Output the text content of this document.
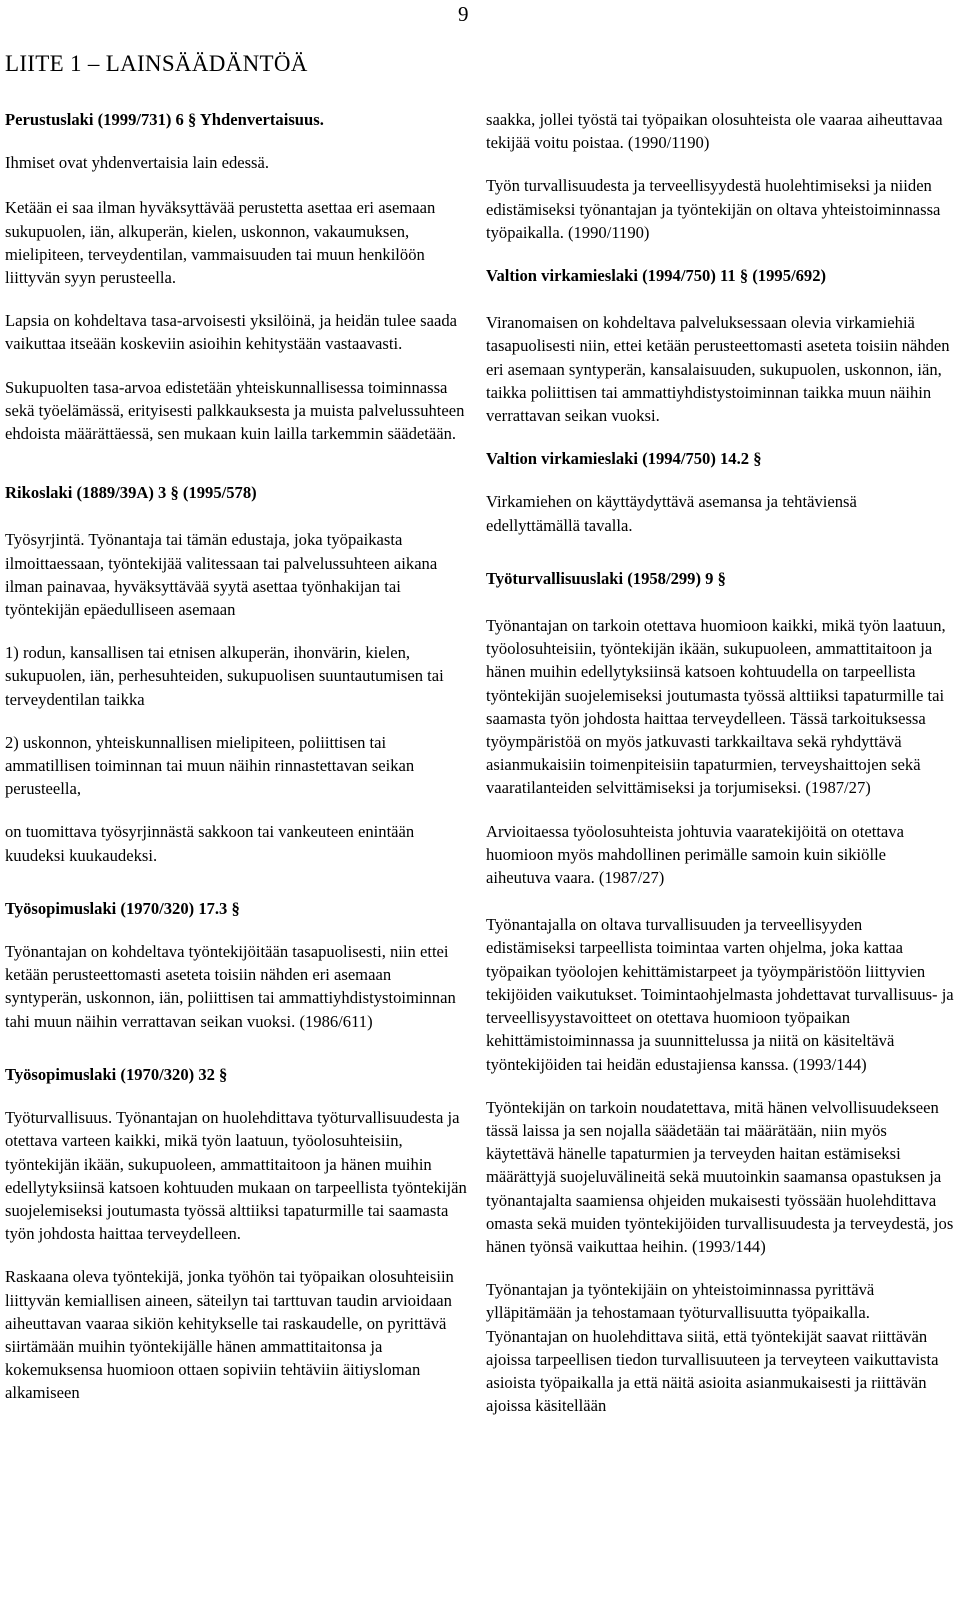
9
LIITE 1 – LAINSÄÄDÄNTÖÄ
Perustuslaki (1999/731) 6 § Yhdenvertaisuus.

Ihmiset ovat yhdenvertaisia lain edessä.

Ketään ei saa ilman hyväksyttävää perustetta asettaa eri asemaan sukupuolen, iän, alkuperän, kielen, uskonnon, vakaumuksen, mielipiteen, terveydentilan, vammaisuuden tai muun henkilöön liittyvän syyn perusteella.

Lapsia on kohdeltava tasa-arvoisesti yksilöinä, ja heidän tulee saada vaikuttaa itseään koskeviin asioihin kehitystään vastaavasti.

Sukupuolten tasa-arvoa edistetään yhteiskunnallisessa toiminnassa sekä työelämässä, erityisesti palkkauksesta ja muista palvelussuhteen ehdoista määrättäessä, sen mukaan kuin lailla tarkemmin säädetään.

Rikoslaki (1889/39A) 3 § (1995/578)

Työsyrjintä. Työnantaja tai tämän edustaja, joka työpaikasta ilmoittaessaan, työntekijää valitessaan tai palvelussuhteen aikana ilman painavaa, hyväksyttävää syytä asettaa työnhakijan tai työntekijän epäedulliseen asemaan

1) rodun, kansallisen tai etnisen alkuperän, ihonvärin, kielen, sukupuolen, iän, perhesuhteiden, sukupuolisen suuntautumisen tai terveydentilan taikka

2) uskonnon, yhteiskunnallisen mielipiteen, poliittisen tai ammatillisen toiminnan tai muun näihin rinnastettavan seikan perusteella,

on tuomittava työsyrjinnästä sakkoon tai vankeuteen enintään kuudeksi kuukaudeksi.

Työsopimuslaki (1970/320) 17.3 §

Työnantajan on kohdeltava työntekijöitään tasapuolisesti, niin ettei ketään perusteettomasti aseteta toisiin nähden eri asemaan syntyperän, uskonnon, iän, poliittisen tai ammattiyhdistystoiminnan tahi muun näihin verrattavan seikan vuoksi. (1986/611)

Työsopimuslaki (1970/320) 32 §

Työturvallisuus. Työnantajan on huolehdittava työturvallisuudesta ja otettava varteen kaikki, mikä työn laatuun, työolosuhteisiin, työntekijän ikään, sukupuoleen, ammattitaitoon ja hänen muihin edellytyksiinsä katsoen kohtuuden mukaan on tarpeellista työntekijän suojelemiseksi joutumasta työssä alttiiksi tapaturmille tai saamasta työn johdosta haittaa terveydelleen.

Raskaana oleva työntekijä, jonka työhön tai työpaikan olosuhteisiin liittyvän kemiallisen aineen, säteilyn tai tarttuvan taudin arvioidaan aiheuttavan vaaraa sikiön kehitykselle tai raskaudelle, on pyrittävä siirtämään muihin työntekijälle hänen ammattitaitonsa ja kokemuksensa huomioon ottaen sopiviin tehtäviin äitiysloman alkamiseen

saakka, jollei työstä tai työpaikan olosuhteista ole vaaraa aiheuttavaa tekijää voitu poistaa. (1990/1190)

Työn turvallisuudesta ja terveellisyydestä huolehtimiseksi ja niiden edistämiseksi työnantajan ja työntekijän on oltava yhteistoiminnassa työpaikalla. (1990/1190)

Valtion virkamieslaki (1994/750) 11 § (1995/692)

Viranomaisen on kohdeltava palveluksessaan olevia virkamiehiä tasapuolisesti niin, ettei ketään perusteettomasti aseteta toisiin nähden eri asemaan syntyperän, kansalaisuuden, sukupuolen, uskonnon, iän, taikka poliittisen tai ammattiyhdistystoiminnan taikka muun näihin verrattavan seikan vuoksi.

Valtion virkamieslaki (1994/750) 14.2 §

Virkamiehen on käyttäydyttävä asemansa ja tehtäviensä edellyttämällä tavalla.

Työturvallisuuslaki (1958/299) 9 §

Työnantajan on tarkoin otettava huomioon kaikki, mikä työn laatuun, työolosuhteisiin, työntekijän ikään, sukupuoleen, ammattitaitoon ja hänen muihin edellytyksiinsä katsoen kohtuudella on tarpeellista työntekijän suojelemiseksi joutumasta työssä alttiiksi tapaturmille tai saamasta työn johdosta haittaa terveydelleen. Tässä tarkoituksessa työympäristöä on myös jatkuvasti tarkkailtava sekä ryhdyttävä asianmukaisiin toimenpiteisiin tapaturmien, terveyshaittojen sekä vaaratilanteiden selvittämiseksi ja torjumiseksi. (1987/27)

Arvioitaessa työolosuhteista johtuvia vaaratekijöitä on otettava huomioon myös mahdollinen perimälle samoin kuin sikiölle aiheutuva vaara. (1987/27)

Työnantajalla on oltava turvallisuuden ja terveellisyyden edistämiseksi tarpeellista toimintaa varten ohjelma, joka kattaa työpaikan työolojen kehittämistarpeet ja työympäristöön liittyvien tekijöiden vaikutukset. Toimintaohjelmasta johdettavat turvallisuus- ja terveellisyystavoitteet on otettava huomioon työpaikan kehittämistoiminnassa ja suunnittelussa ja niitä on käsiteltävä työntekijöiden tai heidän edustajiensa kanssa. (1993/144)

Työntekijän on tarkoin noudatettava, mitä hänen velvollisuudekseen tässä laissa ja sen nojalla säädetään tai määrätään, niin myös käytettävä hänelle tapaturmien ja terveyden haitan estämiseksi määrättyjä suojeluvälineitä sekä muutoinkin saamansa opastuksen ja työnantajalta saamiensa ohjeiden mukaisesti työssään huolehdittava omasta sekä muiden työntekijöiden turvallisuudesta ja terveydestä, jos hänen työnsä vaikuttaa heihin. (1993/144)

Työnantajan ja työntekijäin on yhteistoiminnassa pyrittävä ylläpitämään ja tehostamaan työturvallisuutta työpaikalla. Työnantajan on huolehdittava siitä, että työntekijät saavat riittävän ajoissa tarpeellisen tiedon turvallisuuteen ja terveyteen vaikuttavista asioista työpaikalla ja että näitä asioita asianmukaisesti ja riittävän ajoissa käsitellään
